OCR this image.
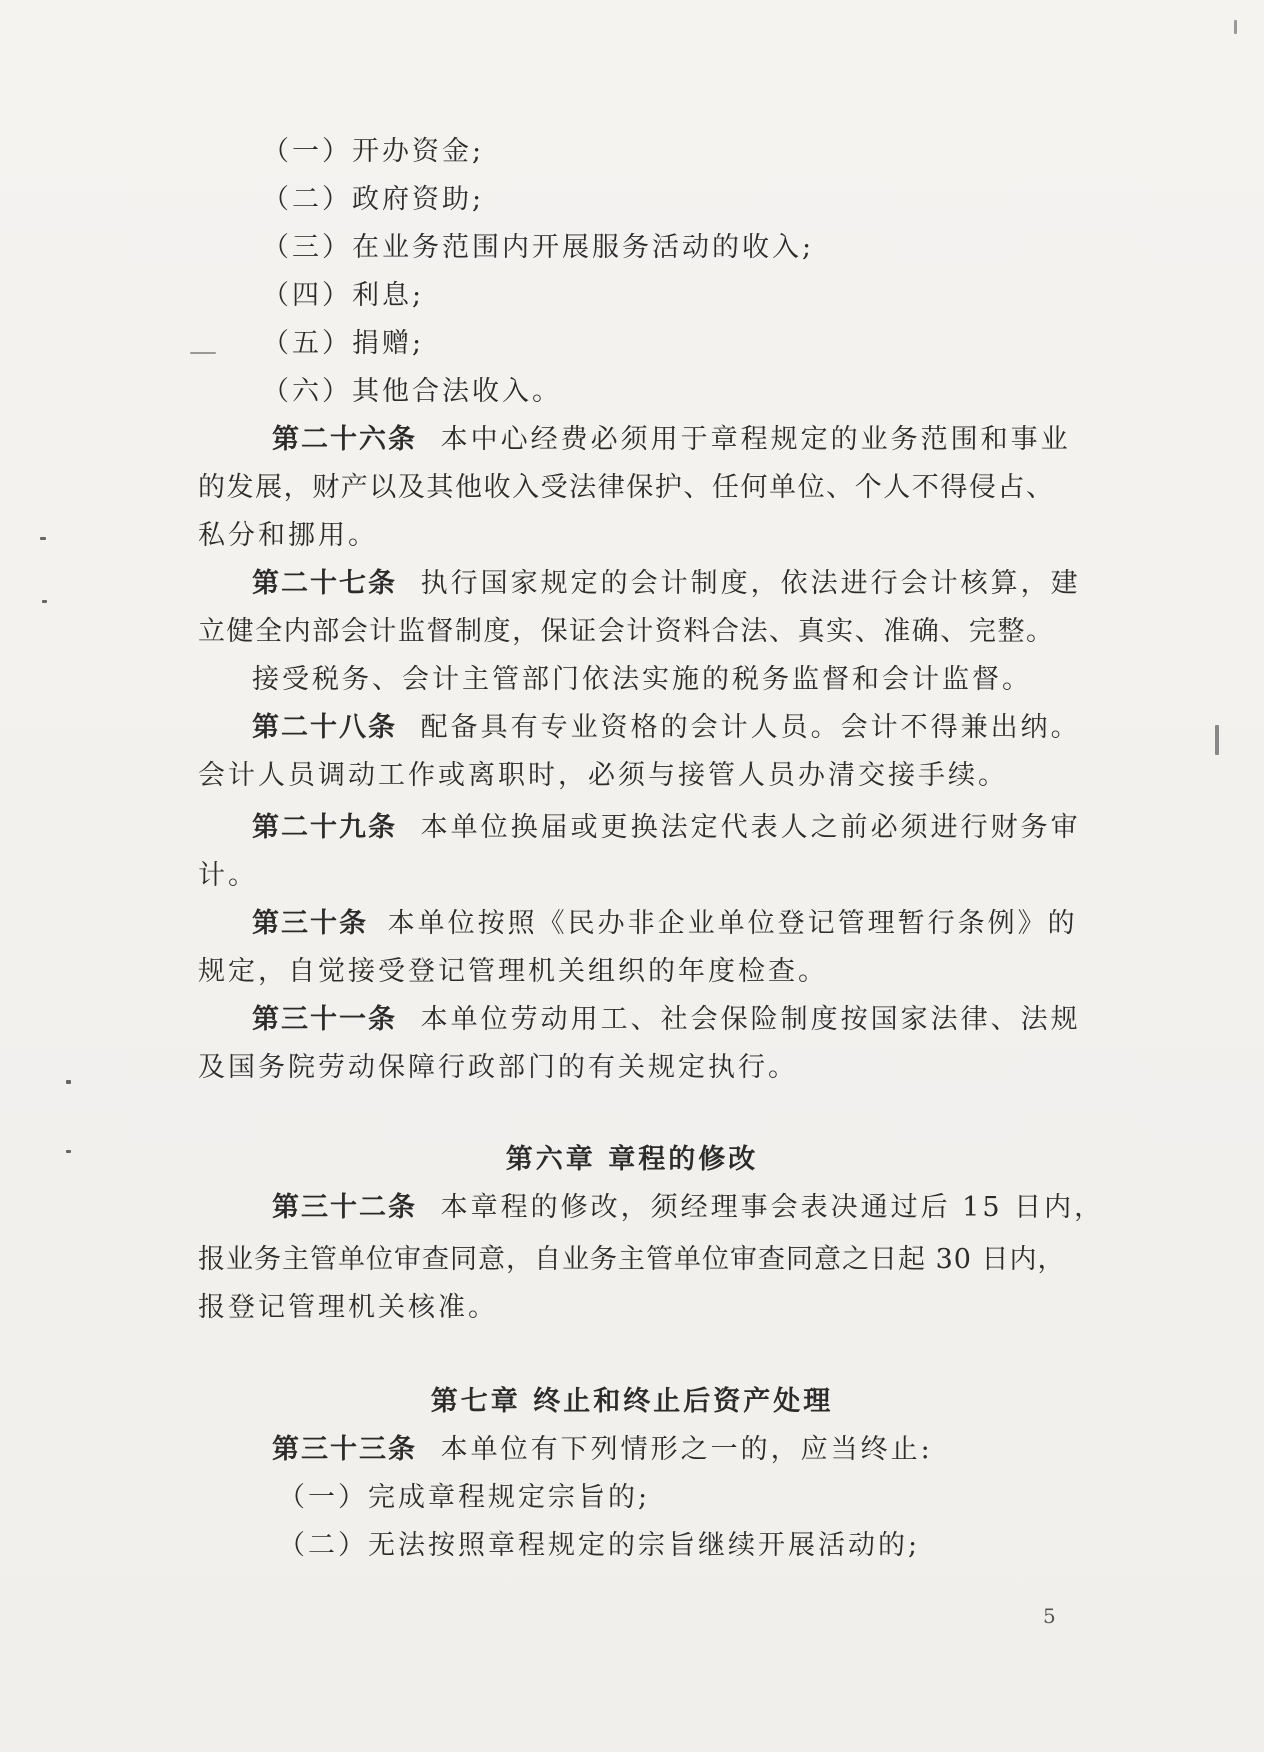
（一）开办资金;
（二）政府资助;
（三）在业务范围内开展服务活动的收入;
（四）利息;
（五）捐赠;
（六）其他合法收入。
第二十六条 本中心经费必须用于章程规定的业务范围和事业
的发展，财产以及其他收入受法律保护、任何单位、个人不得侵占、
私分和挪用。
第二十七条 执行国家规定的会计制度，依法进行会计核算，建
立健全内部会计监督制度，保证会计资料合法、真实、准确、完整。
接受税务、会计主管部门依法实施的税务监督和会计监督。
第二十八条 配备具有专业资格的会计人员。会计不得兼出纳。
会计人员调动工作或离职时，必须与接管人员办清交接手续。
第二十九条 本单位换届或更换法定代表人之前必须进行财务审
计。
第三十条 本单位按照《民办非企业单位登记管理暂行条例》的
规定，自觉接受登记管理机关组织的年度检查。
第三十一条 本单位劳动用工、社会保险制度按国家法律、法规
及国务院劳动保障行政部门的有关规定执行。
第六章 章程的修改
第三十二条 本章程的修改，须经理事会表决通过后 15 日内，
报业务主管单位审查同意，自业务主管单位审查同意之日起 30 日内，
报登记管理机关核准。
第七章 终止和终止后资产处理
第三十三条 本单位有下列情形之一的，应当终止:
（一）完成章程规定宗旨的;
（二）无法按照章程规定的宗旨继续开展活动的;
5
